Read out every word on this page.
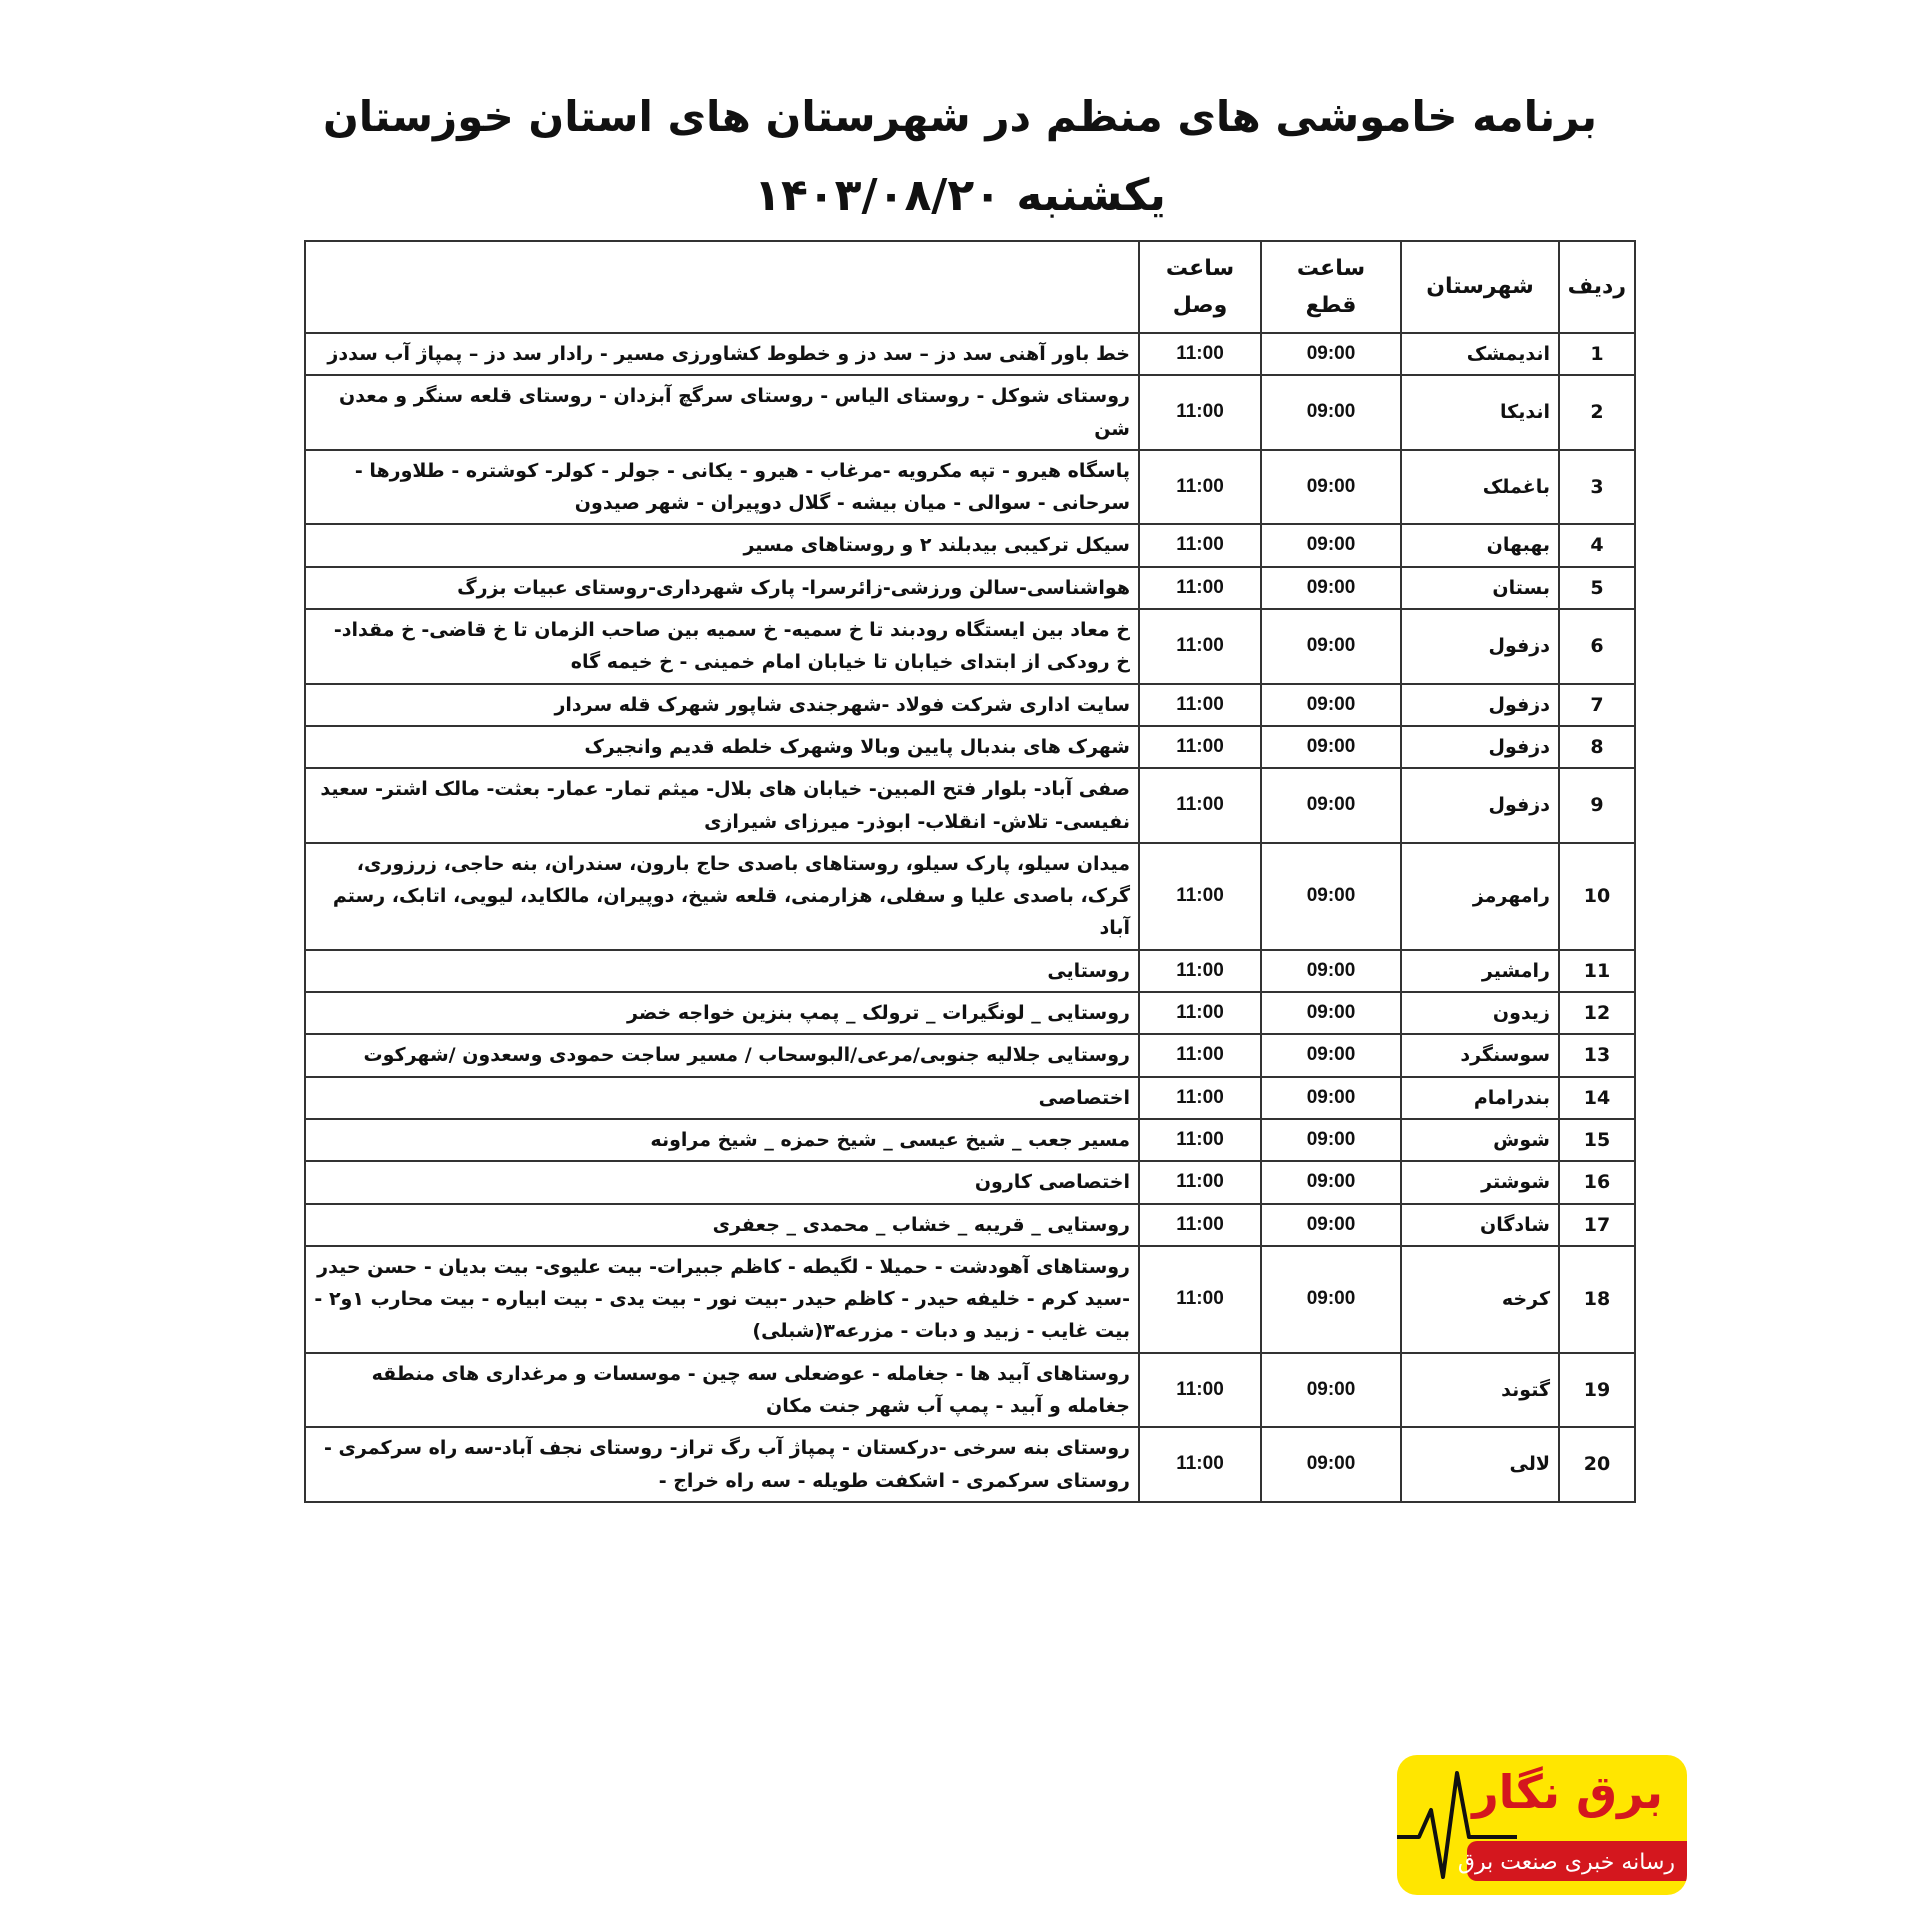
برنامه خاموشی های منظم در شهرستان های استان خوزستان
یکشنبه ۱۴۰۳/۰۸/۲۰
ردیف	شهرستان	ساعت قطع	ساعت وصل	
1	اندیمشک	09:00	11:00	خط باور آهنی سد دز – سد دز و خطوط کشاورزی مسیر - رادار سد دز – پمپاژ آب سددز
2	اندیکا	09:00	11:00	روستای شوکل - روستای الیاس - روستای سرگچ آبزدان - روستای قلعه سنگر و معدن شن
3	باغملک	09:00	11:00	پاسگاه هیرو - تپه مکرویه -مرغاب - هیرو - یکانی - جولر - کولر- کوشتره - طلاورها - سرحانی - سوالی - میان بیشه - گلال دوپیران - شهر صیدون
4	بهبهان	09:00	11:00	سیکل ترکیبی بیدبلند ۲ و روستاهای مسیر
5	بستان	09:00	11:00	هواشناسی-سالن ورزشی-زائرسرا- پارک شهرداری-روستای عبیات بزرگ
6	دزفول	09:00	11:00	خ معاد بین ایستگاه رودبند تا خ سمیه- خ سمیه بین صاحب الزمان تا خ قاضی- خ مقداد- خ رودکی از ابتدای خیابان تا خیابان امام خمینی - خ خیمه گاه
7	دزفول	09:00	11:00	سایت اداری شرکت فولاد -شهرجندی شاپور شهرک قله سردار
8	دزفول	09:00	11:00	شهرک های بندبال پایین وبالا وشهرک خلطه قدیم وانجیرک
9	دزفول	09:00	11:00	صفی آباد- بلوار فتح المبین- خیابان های بلال- میثم تمار- عمار- بعثت- مالک اشتر- سعید نفیسی- تلاش- انقلاب- ابوذر- میرزای شیرازی
10	رامهرمز	09:00	11:00	میدان سیلو، پارک سیلو، روستاهای باصدی حاج بارون، سندران، بنه حاجی، زرزوری، گرک، باصدی علیا و سفلی، هزارمنی، قلعه شیخ، دوپیران، مالکاید، لیویی، اتابک، رستم آباد
11	رامشیر	09:00	11:00	روستایی
12	زیدون	09:00	11:00	روستایی _ لونگیرات _ ترولک _ پمپ بنزین خواجه خضر
13	سوسنگرد	09:00	11:00	روستایی جلالیه جنوبی/مرعی/البوسحاب / مسیر ساجت حمودی وسعدون /شهرکوت
14	بندرامام	09:00	11:00	اختصاصی
15	شوش	09:00	11:00	مسیر جعب _ شیخ عیسی _ شیخ حمزه _ شیخ مراونه
16	شوشتر	09:00	11:00	اختصاصی کارون
17	شادگان	09:00	11:00	روستایی _ قریبه _ خشاب _ محمدی _ جعفری
18	کرخه	09:00	11:00	روستاهای آهودشت - حمیلا - لگیطه - کاظم جبیرات- بیت علیوی- بیت بدیان - حسن حیدر -سید کرم - خلیفه حیدر - کاظم حیدر -بیت نور - بیت یدی - بیت ابیاره - بیت محارب ۱و۲ - بیت غایب - زبید و دبات - مزرعه۳(شبلی)
19	گتوند	09:00	11:00	روستاهای آبید ها - جغامله - عوضعلی سه چین - موسسات و مرغداری های منطقه جغامله و آبید - پمپ آب شهر جنت مکان
20	لالی	09:00	11:00	روستای بنه سرخی -درکستان - پمپاژ آب رگ تراز- روستای نجف آباد-سه راه سرکمری - روستای سرکمری - اشکفت طویله - سه راه خراج -
برق نگار
رسانه خبری صنعت برق
